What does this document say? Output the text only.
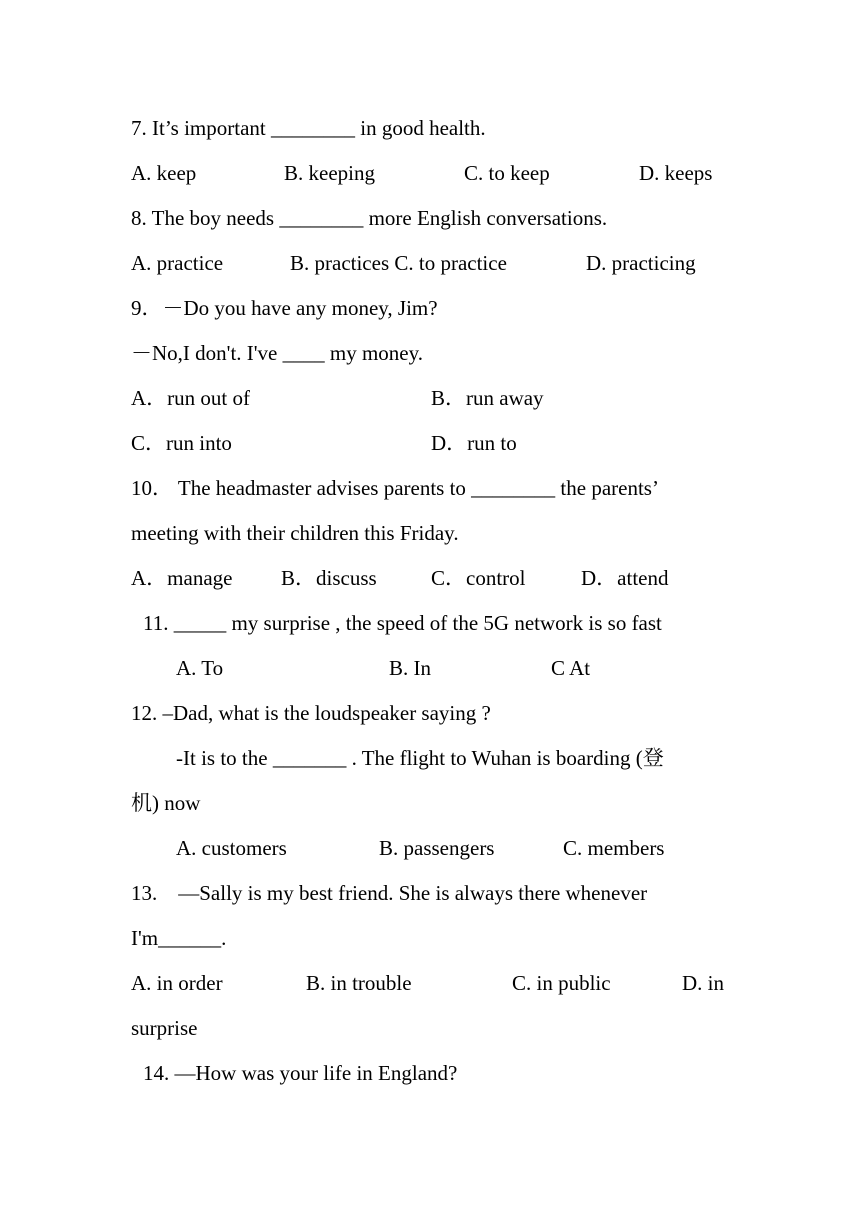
7. It’s important ________ in good health.
A. keep	B. keeping	C. to keep	D. keeps
8. The boy needs ________ more English conversations.
A. practice	B. practices C. to practice	D. practicing
9．－Do you have any money, Jim?
－No,I don't. I've ____ my money.
A．run out of	B．run away
C．run into	D．run to
10． The headmaster advises parents to ________ the parents’
meeting with their children this Friday.
A．manage B．discuss	C．control	D．attend
11. _____ my surprise , the speed of the 5G network is so fast
A. To	B. In	C At
12. –Dad, what is the loudspeaker saying ?
-It is to the _______ . The flight to Wuhan is boarding (登
机) now
A. customers	B. passengers	C. members
13.    —Sally is my best friend. She is always there whenever
I'm______.
A. in order	B. in trouble	C. in public	D. in
surprise
14. —How was your life in England?
